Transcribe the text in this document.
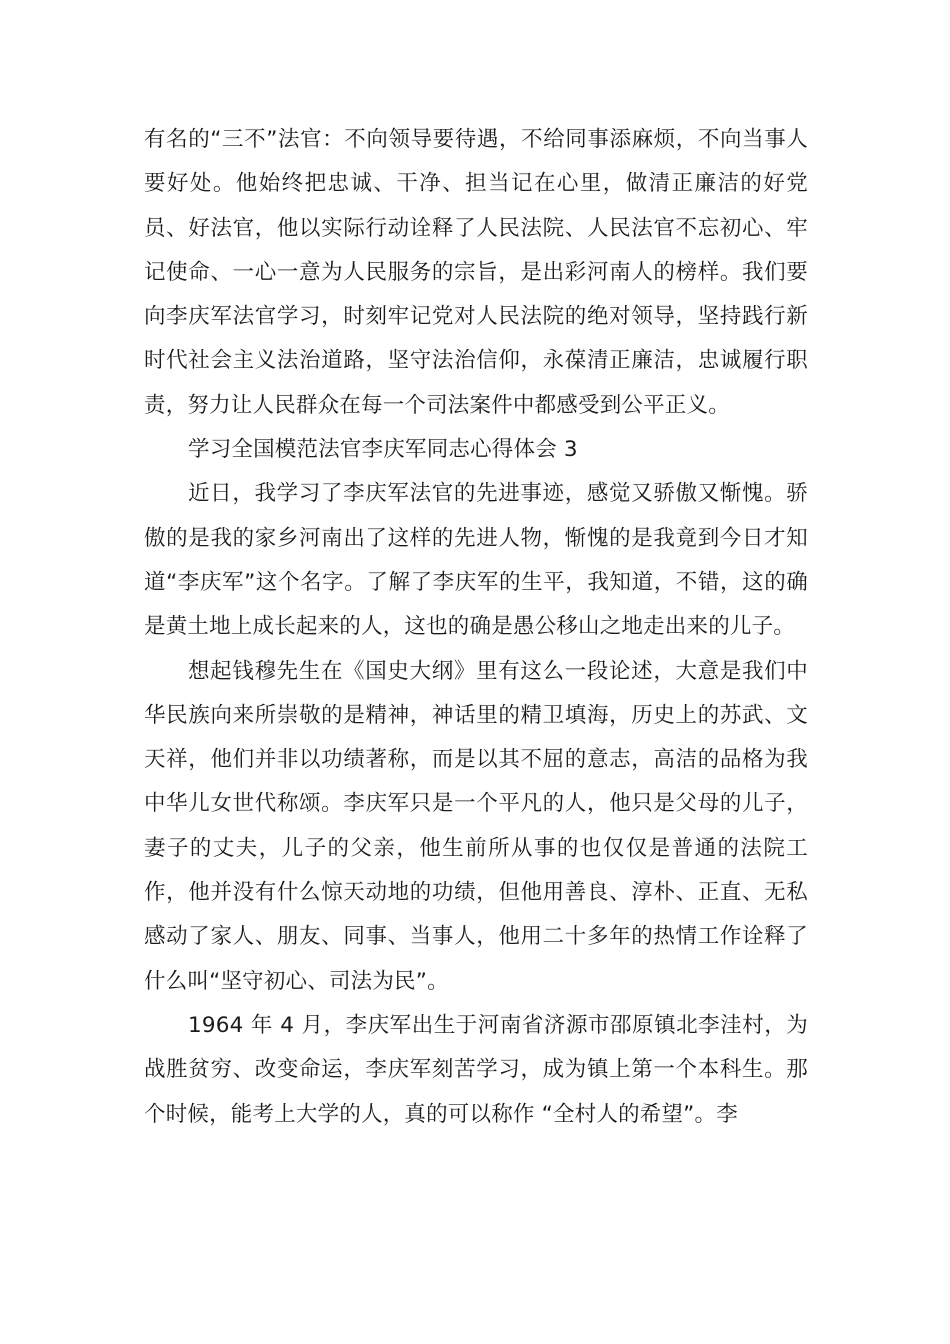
有名的“三不”法官：不向领导要待遇，不给同事添麻烦，不向当事人要好处。他始终把忠诚、干净、担当记在心里，做清正廉洁的好党员、好法官，他以实际行动诠释了人民法院、人民法官不忘初心、牢记使命、一心一意为人民服务的宗旨，是出彩河南人的榜样。我们要向李庆军法官学习，时刻牢记党对人民法院的绝对领导，坚持践行新时代社会主义法治道路，坚守法治信仰，永葆清正廉洁，忠诚履行职责，努力让人民群众在每一个司法案件中都感受到公平正义。

学习全国模范法官李庆军同志心得体会 3

近日，我学习了李庆军法官的先进事迹，感觉又骄傲又惭愧。骄傲的是我的家乡河南出了这样的先进人物，惭愧的是我竟到今日才知道“李庆军”这个名字。了解了李庆军的生平，我知道，不错，这的确是黄土地上成长起来的人，这也的确是愚公移山之地走出来的儿子。

想起钱穆先生在《国史大纲》里有这么一段论述，大意是我们中华民族向来所崇敬的是精神，神话里的精卫填海，历史上的苏武、文天祥，他们并非以功绩著称，而是以其不屈的意志，高洁的品格为我中华儿女世代称颂。李庆军只是一个平凡的人，他只是父母的儿子，妻子的丈夫，儿子的父亲，他生前所从事的也仅仅是普通的法院工作，他并没有什么惊天动地的功绩，但他用善良、淳朴、正直、无私感动了家人、朋友、同事、当事人，他用二十多年的热情工作诠释了什么叫“坚守初心、司法为民”。

1964 年 4 月，李庆军出生于河南省济源市邵原镇北李洼村，为战胜贫穷、改变命运，李庆军刻苦学习，成为镇上第一个本科生。那个时候，能考上大学的人，真的可以称作 “全村人的希望”。李
